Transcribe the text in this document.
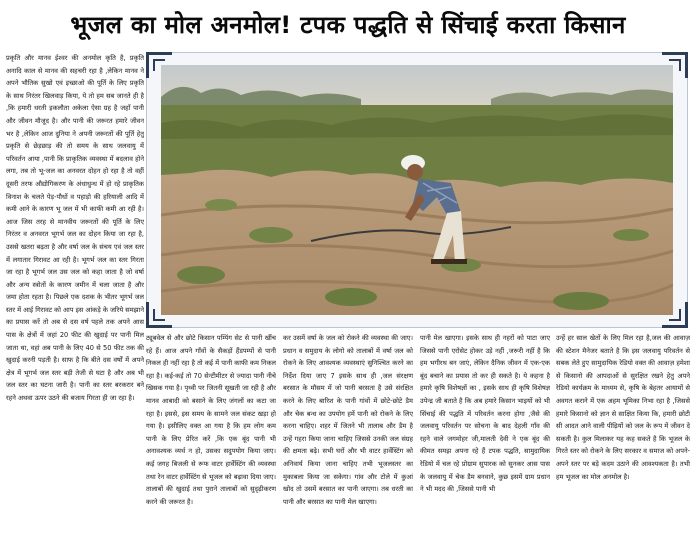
भूजल का मोल अनमोल! टपक पद्धति से सिंचाई करता किसान
प्रकृति और मानव ईश्वर की अनमोल कृति है, प्रकृति अनादि काल से मानव की सहचरी रहा है ,लेकिन मानव ने अपने भौतिक सुखो एवं इच्छाओ की पूर्ति के लिए प्रकृति के साथ निरंतर खिलवाड़ किया, ये तो हम सब जानते ही है ,कि हमारी धरती इकलौता अकेला ऐसा ग्रह है जहाँ पानी और जीवन मौजूद है। और पानी की जरूरत हमारे जीवन भर है ,लेकिन आज दुनिया ने अपनी जरूरतों की पूर्ति हेतु प्रकृति से छेड़छाड़ की तो समय के साथ जलवायु में परिवर्तन आया ,पानी कि प्राकृतिक व्यवस्था में बदलाव होने लगा, तब तो भू-जल का अनवरत दोहन हो रहा है तो वहीं दूसरी तरफ औद्योगिकरण के अंधाधुन्ध में हो रहे प्राकृतिक विनाश के चलते पेड़-पौधों व पहाड़ो की हरियाली आदि में कमी आने के कारण भू जल में भी काफी कमी आ रही है। आज जिस तरह से मानवीय जरूरतों की पूर्ति के लिए निरंतर व अनवरत भूगर्भ जल का दोहन किया जा रहा है, उससे खतरा बढ़ता है और वर्षा जल के संचय एवं जल स्तर में लगातार गिरावट आ रही है। भूगर्भ जल का स्तर गिरता जा रहा है भूगर्भ जल उस जल को कहा जाता है जो वर्षा और अन्य स्त्रोतों के कारण जमीन में चला जाता है और जमा होता रहता है। पिछले एक दशक के भीतर भूगर्भ जल स्तर में आई गिरावट को आप इस आंकड़े के जरिये समझाने का प्रयास करें तो अब से दस वर्ष पहले तक अपने आस पास के क्षेत्रों में जहां 20 फीट की खुदाई पर पानी मिल जाता था, वहां अब पानी के लिए 40 से 50 फीट तक की खुदाई करनी पड़ती है। साफ है कि बीते दस वर्षों में अपने क्षेत्र में भूगर्भ जल स्तर बड़ी तेजी से घटा है और अब भी जल स्तर का घटना जारी है। पानी का स्तर बरकरार बने रहने अथवा ऊपर उठने की बजाय गिरता ही जा रहा है।
ट्यूबवेल से और छोटे किसान पम्पिंग सेट से पानी खींच रहे हैं। आज अपने गाँवों के सैकड़ों हैंडपम्पों से पानी निकल ही नहीं रहा है तो कई में पानी काफी कम निकल रहा है। कई-कई तो 70 सेन्टीमीटर से ज्यादा पानी नीचे खिसक गया है। पृथ्वी पर जितनी सूखती जा रही है और मानव आबादी को बसाने के लिए जंगलों का कटा जा रहा है। इससे, इस समय के सामने जल संकट खड़ा हो गया है। इसीलिए वक्त आ गया है कि हम लोग कम पानी के लिए प्रेरित करें ,कि एक बूंद पानी भी अनावश्यक व्यर्थ न हो, उसका सदुपयोग किया जाए। कई जगह बिजली से रूफ वाटर हार्वेस्टिंग की व्यवस्था तथा रेन वाटर हार्वेस्टिंग से भूजल को बढ़ावा दिया जाए। तालाबों की खुदाई तथा पुराने तालाबों को सुदृढ़ीकरण करने की जरूरत है।
कर उसमें वर्षा के जल को रोकने की व्यवस्था की जाए। प्रधान व समुदाय के लोगो को तालाबों में वर्षा जल को रोकने के लिए आवश्यक व्यवस्थाएं सुनिश्चित करने का निर्देश दिया जाए 7 इसके साथ ही ,जल संरक्षण बरसात के मौसम में जो पानी बरसता है उसे संरक्षित करने के लिए बारिश के पानी गांवों में छोटे-छोटे डैम और चेक बन्ध का उपयोग हमें पानी को रोकने के लिए करना चाहिए। शहर में जितने भी तालाब और डैम है उन्हें गहरा किया जाना चाहिए जिससे उनकी जल संग्रह की क्षमता बढ़े। सभी घरों और भी वाटर हार्वेस्टिंग को अनिवार्य किया जाना चाहिए तभी भूजलस्तर का मुकाबला किया जा सकेगा। गांव और टोले में कुआं खोद तो उसमें बरसात का पानी जाएगा। तब धरती का पानी और बरसात का पानी मेल खाएगा।
पानी मेल खाएगा। इसके साथ ही नहरों को पाटा जाए जिससे पानी एरोसेट होकर उड़े नहीं ,जरूरी नहीं है कि हम भगीरथ बन जाएं, लेकिन दैनिक जीवन में एक-एक बूंद बचाने का प्रयास तो कर ही सकते है। ये कहना है हमारे कृषि विशेषज्ञों का , इसके साथ ही कृषि विशेषज्ञ उपेन्द्र जी बताते है कि अब हमारे किसान भाइयों को भी सिंचाई की पद्धति में परिवर्तन करना होगा ,जैसे की जलवायु परिवर्तन पर सोचना के बाद देहली गाँव की रहने वाले जगमोहर जी,मालती देवी ने एक बूंद की कीमत समझ अपना रहे हैं टपक पद्धति, सामुदायिक रेडियो में चल रहे प्रोग्राम सुपारक को सुनकर आस पास के जलवायु में चेक डैम बनवाने, कुछ इसमें ग्राम प्रधान ने भी मदद की ,जिससे पानी भी
उन्हें हर साल खेतों के लिए मिल रहा है,जल की आवाज़ की स्टेशन मैनेजर बताते है कि इस जलवायु परिवर्तन से सबक लेते हुए सामुदायिक रेडियो वक्त की आवाज़ हमेशा से किसानो की आपदाओं से सुरक्षित रखने हेतु अपने रेडियो कार्यक्रम के माध्यम से, कृषि के बेहतर आयामों से अवगत कराने में एक अहम भूमिका निभा रहा है ,जिससे हमारे किसानो को ज्ञान से साक्षित किया कि, हमारी छोटी सी आदत आने वाली पीढ़ियों को जल के रूप में जीवन दे सकती है। कुल मिलाकर यह कह सकते है कि भूजल के गिरते स्तर को रोकने के लिए सरकार व समाज को अपने-अपने स्तर पर बड़े कदम उठाने की आवश्यकता है। तभी हम भूजल का मोल अनमोल है।
